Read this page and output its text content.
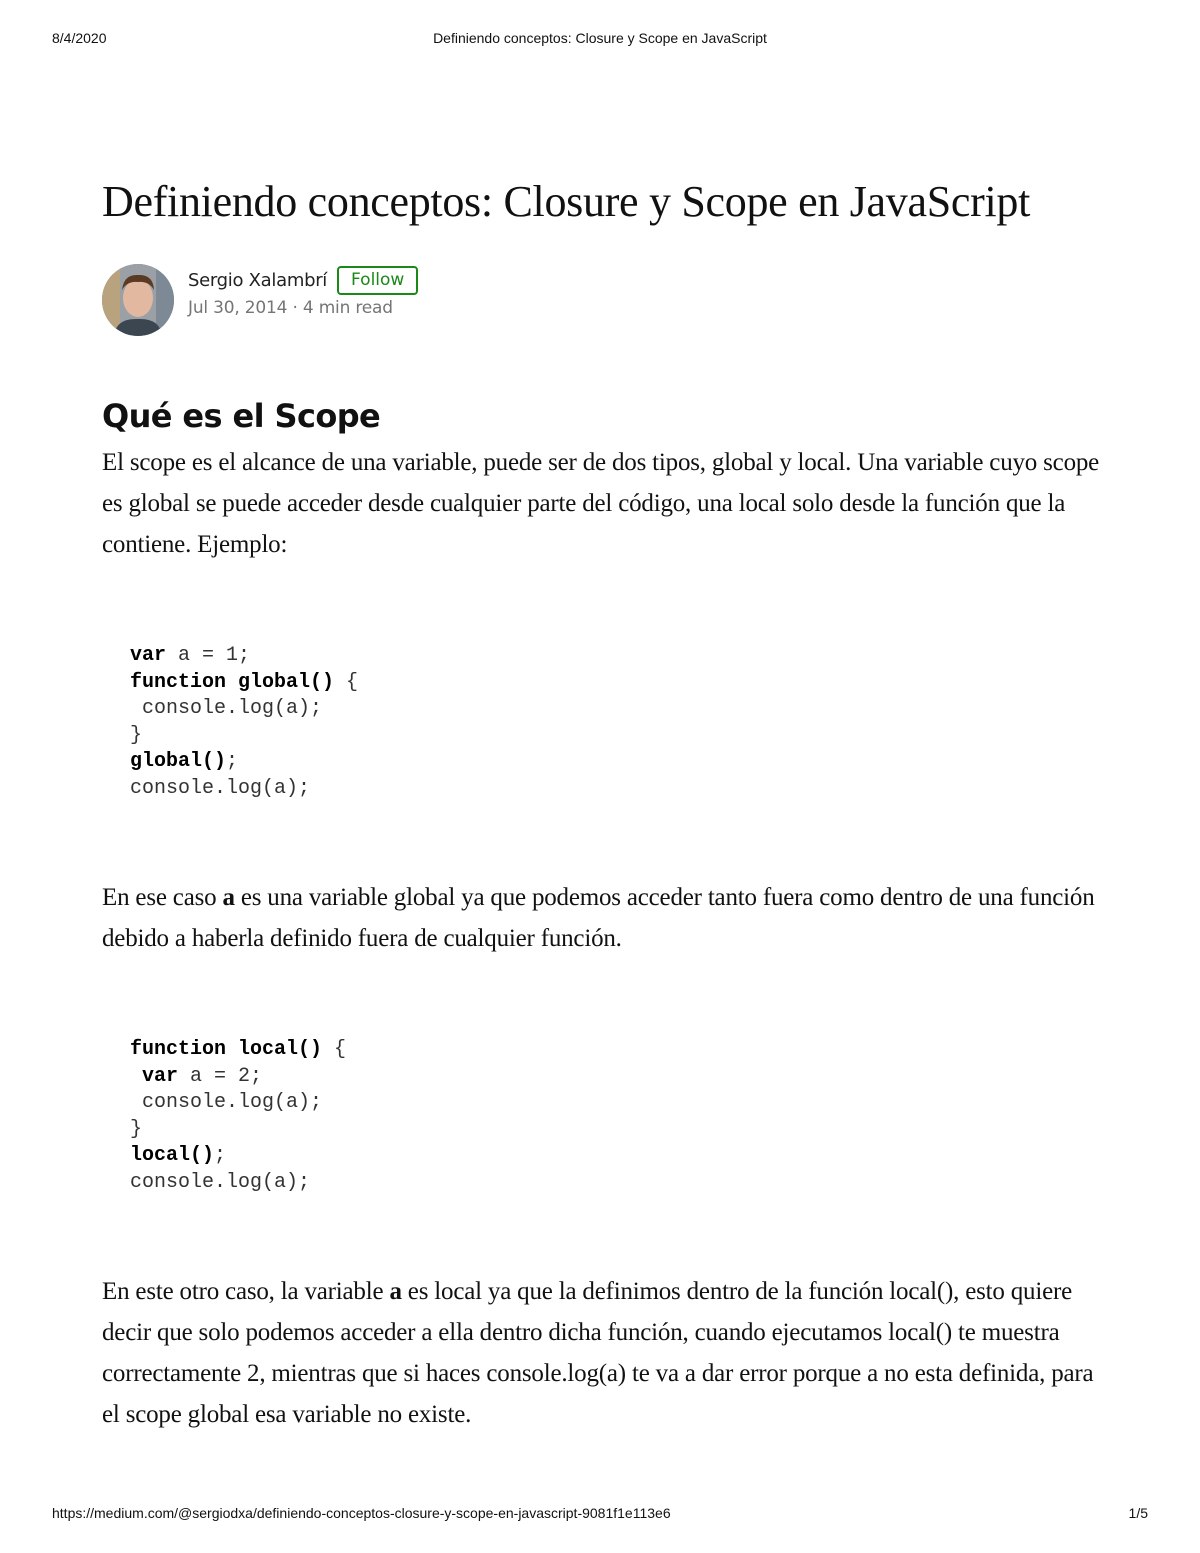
8/4/2020	Definiendo conceptos: Closure y Scope en JavaScript
Definiendo conceptos: Closure y Scope en JavaScript
Sergio Xalambrí	Follow
Jul 30, 2014 · 4 min read
Qué es el Scope

El scope es el alcance de una variable, puede ser de dos tipos, global y local. Una variable cuyo scope es global se puede acceder desde cualquier parte del código, una local solo desde la función que la contiene. Ejemplo:

var a = 1;
function global() {
console.log(a);
}
global();
console.log(a);

En ese caso a es una variable global ya que podemos acceder tanto fuera como dentro de una función debido a haberla definido fuera de cualquier función.

function local() {
var a = 2;
console.log(a);
}
local();
console.log(a);

En este otro caso, la variable a es local ya que la definimos dentro de la función local(), esto quiere decir que solo podemos acceder a ella dentro dicha función, cuando ejecutamos local() te muestra correctamente 2, mientras que si haces console.log(a) te va a dar error porque a no esta definida, para el scope global esa variable no existe.

https://medium.com/@sergiodxa/definiendo-conceptos-closure-y-scope-en-javascript-9081f1e113e6	1/5
